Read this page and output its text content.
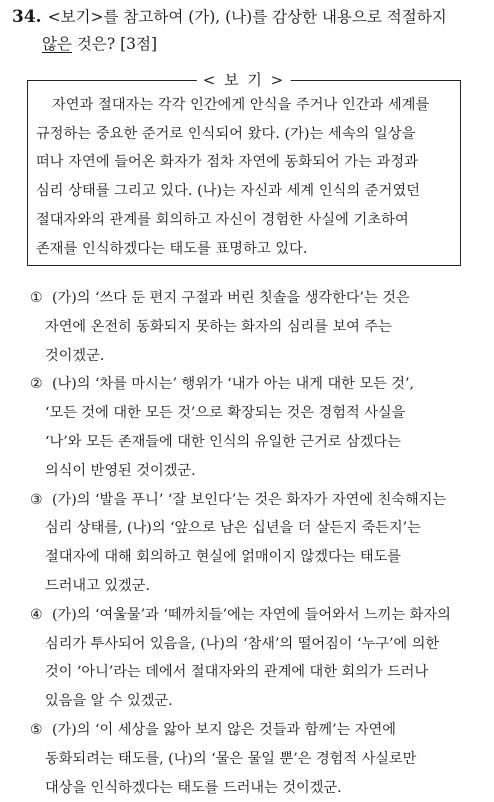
34. <보기>를 참고하여 (가), (나)를 감상한 내용으로 적절하지
않은 것은? [3점]
< 보 기 >
자연과 절대자는 각각 인간에게 안식을 주거나 인간과 세계를
규정하는 중요한 준거로 인식되어 왔다. (가)는 세속의 일상을
떠나 자연에 들어온 화자가 점차 자연에 동화되어 가는 과정과
심리 상태를 그리고 있다. (나)는 자신과 세계 인식의 준거였던
절대자와의 관계를 회의하고 자신이 경험한 사실에 기초하여
존재를 인식하겠다는 태도를 표명하고 있다.
① (가)의 ‘쓰다 둔 편지 구절과 버린 칫솔을 생각한다’는 것은
자연에 온전히 동화되지 못하는 화자의 심리를 보여 주는
것이겠군.
② (나)의 ‘차를 마시는’ 행위가 ‘내가 아는 내게 대한 모든 것’,
‘모든 것에 대한 모든 것’으로 확장되는 것은 경험적 사실을
‘나’와 모든 존재들에 대한 인식의 유일한 근거로 삼겠다는
의식이 반영된 것이겠군.
③ (가)의 ‘발을 푸니’ ‘잘 보인다’는 것은 화자가 자연에 친숙해지는
심리 상태를, (나)의 ‘앞으로 남은 십년을 더 살든지 죽든지’는
절대자에 대해 회의하고 현실에 얽매이지 않겠다는 태도를
드러내고 있겠군.
④ (가)의 ‘여울물’과 ‘떼까치들’에는 자연에 들어와서 느끼는 화자의
심리가 투사되어 있음을, (나)의 ‘참새’의 떨어짐이 ‘누구’에 의한
것이 ‘아니’라는 데에서 절대자와의 관계에 대한 회의가 드러나
있음을 알 수 있겠군.
⑤ (가)의 ‘이 세상을 앓아 보지 않은 것들과 함께’는 자연에
동화되려는 태도를, (나)의 ‘물은 물일 뿐’은 경험적 사실로만
대상을 인식하겠다는 태도를 드러내는 것이겠군.
